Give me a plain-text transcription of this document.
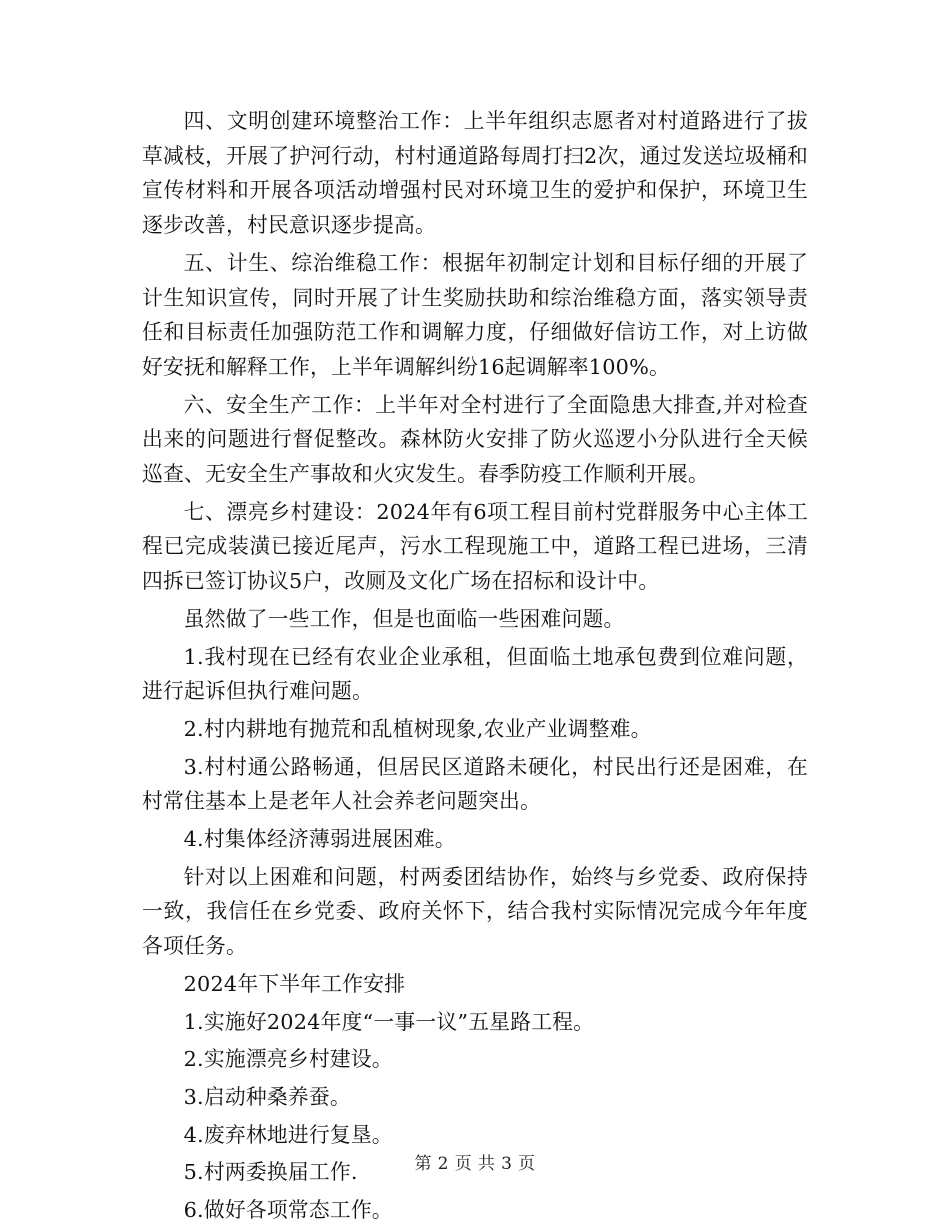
四、文明创建环境整治工作：上半年组织志愿者对村道路进行了拔草减枝，开展了护河行动，村村通道路每周打扫2次，通过发送垃圾桶和宣传材料和开展各项活动增强村民对环境卫生的爱护和保护，环境卫生逐步改善，村民意识逐步提高。

五、计生、综治维稳工作：根据年初制定计划和目标仔细的开展了计生知识宣传，同时开展了计生奖励扶助和综治维稳方面，落实领导责任和目标责任加强防范工作和调解力度，仔细做好信访工作，对上访做好安抚和解释工作，上半年调解纠纷16起调解率100%。

六、安全生产工作：上半年对全村进行了全面隐患大排查,并对检查出来的问题进行督促整改。森林防火安排了防火巡逻小分队进行全天候巡查、无安全生产事故和火灾发生。春季防疫工作顺利开展。

七、漂亮乡村建设：2024年有6项工程目前村党群服务中心主体工程已完成装潢已接近尾声，污水工程现施工中，道路工程已进场，三清四拆已签订协议5户，改厕及文化广场在招标和设计中。

虽然做了一些工作，但是也面临一些困难问题。

1.我村现在已经有农业企业承租，但面临土地承包费到位难问题，进行起诉但执行难问题。

2.村内耕地有抛荒和乱植树现象,农业产业调整难。

3.村村通公路畅通，但居民区道路未硬化，村民出行还是困难，在村常住基本上是老年人社会养老问题突出。

4.村集体经济薄弱进展困难。

针对以上困难和问题，村两委团结协作，始终与乡党委、政府保持一致，我信任在乡党委、政府关怀下，结合我村实际情况完成今年年度各项任务。

2024年下半年工作安排

1.实施好2024年度“一事一议”五星路工程。

2.实施漂亮乡村建设。

3.启动种桑养蚕。

4.废弃林地进行复垦。

5.村两委换届工作.

6.做好各项常态工作。

第 2 页 共 3 页
